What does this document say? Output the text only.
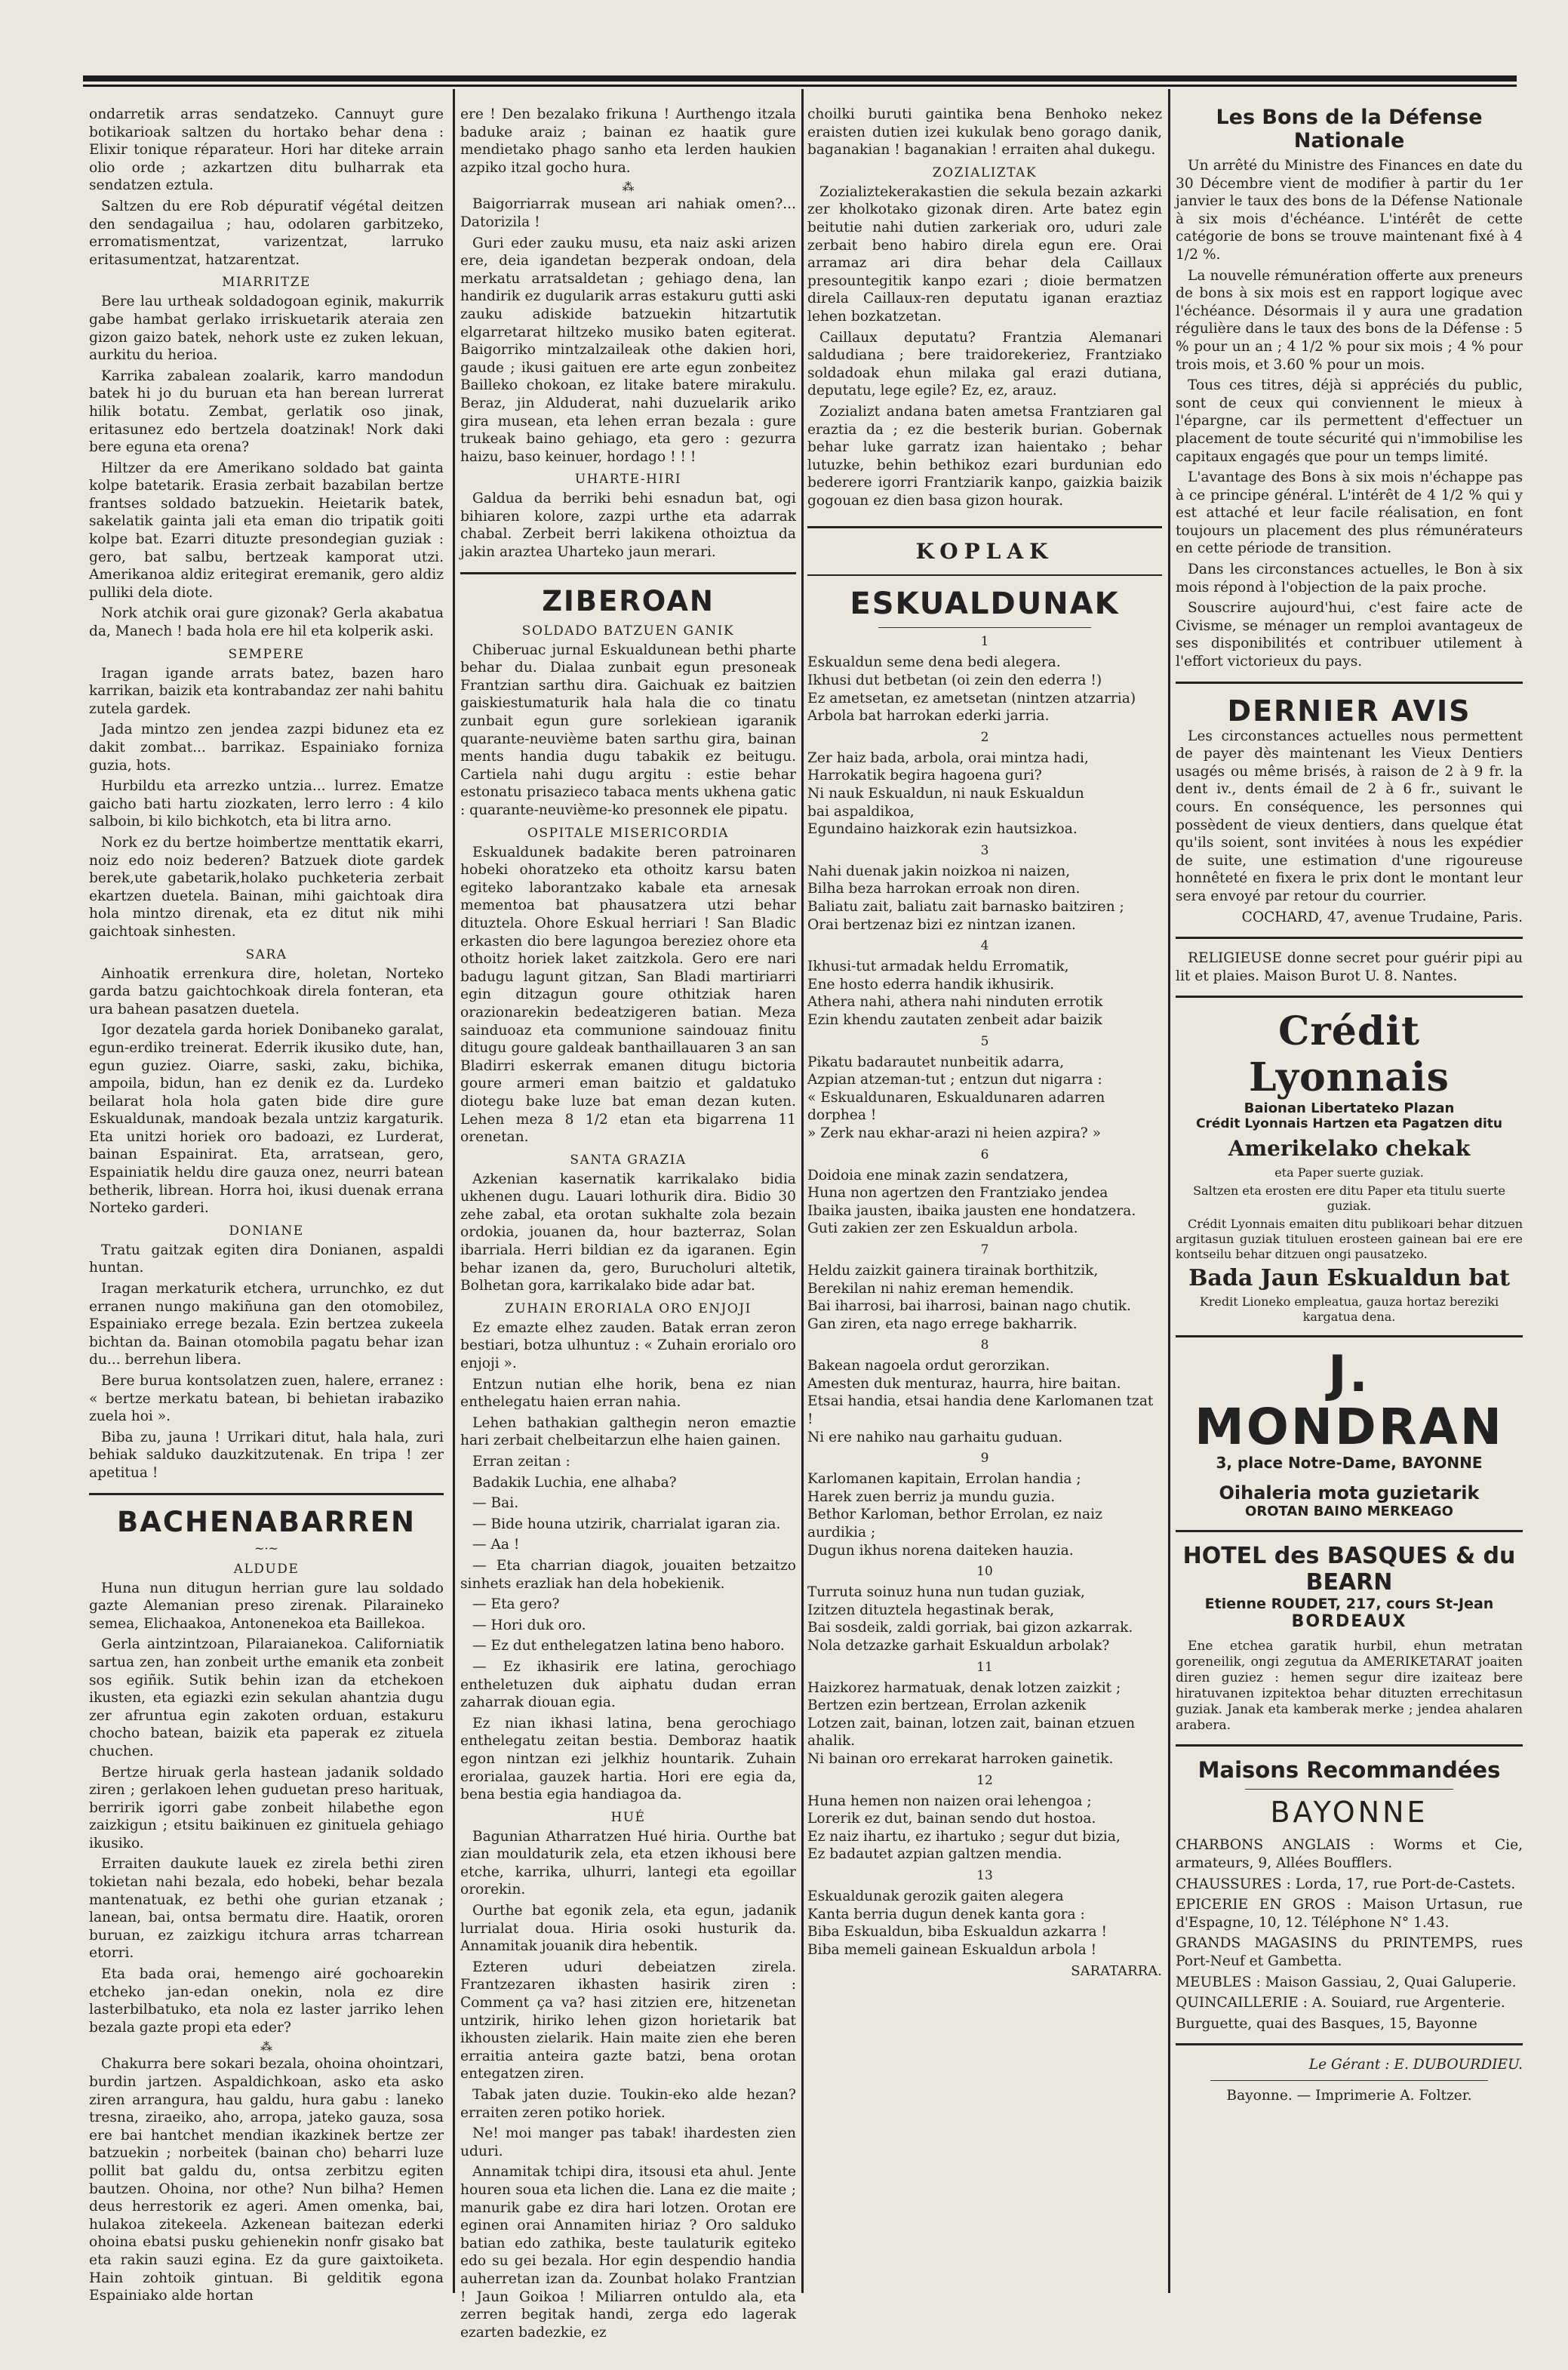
ondarretik arras sendatzeko. Cannuyt gure botikarioak saltzen du hortako behar dena : Elixir tonique réparateur. Hori har diteke arrain olio orde ; azkartzen ditu bulharrak eta sendatzen eztula.

Saltzen du ere Rob dépuratif végétal deitzen den sendagailua ; hau, odolaren garbitzeko, erromatismentzat, varizentzat, larruko eritasumentzat, hatzarentzat.

MIARRITZE

Bere lau urtheak soldadogoan eginik, makurrik gabe hambat gerlako irriskuetarik ateraia zen gizon gaizo batek, nehork uste ez zuken lekuan, aurkitu du herioa.

Karrika zabalean zoalarik, karro mandodun batek hi jo du buruan eta han berean lurrerat hilik botatu. Zembat, gerlatik oso jinak, eritasunez edo bertzela doatzinak! Nork daki bere eguna eta orena?

Hiltzer da ere Amerikano soldado bat gainta kolpe batetarik. Erasia zerbait bazabilan bertze frantses soldado batzuekin. Heietarik batek, sakelatik gainta jali eta eman dio tripatik goiti kolpe bat. Ezarri dituzte presondegian guziak : gero, bat salbu, bertzeak kamporat utzi. Amerikanoa aldiz eritegirat eremanik, gero aldiz pulliki dela diote.

Nork atchik orai gure gizonak? Gerla akabatua da, Manech ! bada hola ere hil eta kolperik aski.

SEMPERE

Iragan igande arrats batez, bazen haro karrikan, baizik eta kontrabandaz zer nahi bahitu zutela gardek.

Jada mintzo zen jendea zazpi bidunez eta ez dakit zombat... barrikaz. Espainiako forniza guzia, hots.

Hurbildu eta arrezko untzia... lurrez. Ematze gaicho bati hartu ziozkaten, lerro lerro : 4 kilo salboin, bi kilo bichkotch, eta bi litra arno.

Nork ez du bertze hoimbertze menttatik ekarri, noiz edo noiz bederen? Batzuek diote gardek berek,ute gabetarik,holako puchketeria zerbait ekartzen duetela. Bainan, mihi gaichtoak dira hola mintzo direnak, eta ez ditut nik mihi gaichtoak sinhesten.

SARA

Ainhoatik errenkura dire, holetan, Norteko garda batzu gaichtochkoak direla fonteran, eta ura bahean pasatzen duetela.

Igor dezatela garda horiek Donibaneko garalat, egun-erdiko treinerat. Ederrik ikusiko dute, han, egun guziez. Oiarre, saski, zaku, bichika, ampoila, bidun, han ez denik ez da. Lurdeko beilarat hola hola gaten bide dire gure Eskualdunak, mandoak bezala untziz kargaturik. Eta unitzi horiek oro badoazi, ez Lurderat, bainan Espainirat. Eta, arratsean, gero, Espainiatik heldu dire gauza onez, neurri batean betherik, librean. Horra hoi, ikusi duenak errana Norteko garderi.

DONIANE

Tratu gaitzak egiten dira Donianen, aspaldi huntan.

Iragan merkaturik etchera, urrunchko, ez dut erranen nungo makiñuna gan den otomobilez, Espainiako errege bezala. Ezin bertzea zukeela bichtan da. Bainan otomobila pagatu behar izan du... berrehun libera.

Bere burua kontsolatzen zuen, halere, erranez : « bertze merkatu batean, bi behietan irabaziko zuela hoi ».

Biba zu, jauna ! Urrikari ditut, hala hala, zuri behiak salduko dauzkitzutenak. En tripa ! zer apetitua !

BACHENABARREN
~·~
ALDUDE

Huna nun ditugun herrian gure lau soldado gazte Alemanian preso zirenak. Pilaraineko semea, Elichaakoa, Antonenekoa eta Baillekoa.

Gerla aintzintzoan, Pilaraianekoa. Californiatik sartua zen, han zonbeit urthe emanik eta zonbeit sos egiñik. Sutik behin izan da etchekoen ikusten, eta egiazki ezin sekulan ahantzia dugu zer afruntua egin zakoten orduan, estakuru chocho batean, baizik eta paperak ez zituela chuchen.

Bertze hiruak gerla hastean jadanik soldado ziren ; gerlakoen lehen guduetan preso harituak, berririk igorri gabe zonbeit hilabethe egon zaizkigun ; etsitu baikinuen ez ginituela gehiago ikusiko.

Erraiten daukute lauek ez zirela bethi ziren tokietan nahi bezala, edo hobeki, behar bezala mantenatuak, ez bethi ohe gurian etzanak ; lanean, bai, ontsa bermatu dire. Haatik, ororen buruan, ez zaizkigu itchura arras tcharrean etorri.

Eta bada orai, hemengo airé gochoarekin etcheko jan-edan onekin, nola ez dire lasterbilbatuko, eta nola ez laster jarriko lehen bezala gazte propi eta eder?

⁂

Chakurra bere sokari bezala, ohoina ohointzari, burdin jartzen. Aspaldichkoan, asko eta asko ziren arrangura, hau galdu, hura gabu : laneko tresna, ziraeiko, aho, arropa, jateko gauza, sosa ere bai hantchet mendian ikazkinek bertze zer batzuekin ; norbeitek (bainan cho) beharri luze pollit bat galdu du, ontsa zerbitzu egiten bautzen. Ohoina, nor othe? Nun bilha? Hemen deus herrestorik ez ageri. Amen omenka, bai, hulakoa zitekeela. Azkenean baitezan ederki ohoina ebatsi pusku gehienekin nonfr gisako bat eta rakin sauzi egina. Ez da gure gaixtoiketa. Hain zohtoik gintuan. Bi gelditik egona Espainiako alde hortan

ere ! Den bezalako frikuna ! Aurthengo itzala baduke araiz ; bainan ez haatik gure mendietako phago sanho eta lerden haukien azpiko itzal gocho hura.

⁂

Baigorriarrak musean ari nahiak omen?... Datorizila !

Guri eder zauku musu, eta naiz aski arizen ere, deia igandetan bezperak ondoan, dela merkatu arratsaldetan ; gehiago dena, lan handirik ez dugularik arras estakuru gutti aski zauku adiskide batzuekin hitzartutik elgarretarat hiltzeko musiko baten egiterat. Baigorriko mintzalzaileak othe dakien hori, gaude ; ikusi gaituen ere arte egun zonbeitez Bailleko chokoan, ez litake batere mirakulu. Beraz, jin Alduderat, nahi duzuelarik ariko gira musean, eta lehen erran bezala : gure trukeak baino gehiago, eta gero : gezurra haizu, baso keinuer, hordago ! ! !

UHARTE-HIRI

Galdua da berriki behi esnadun bat, ogi bihiaren kolore, zazpi urthe eta adarrak chabal. Zerbeit berri lakikena othoiztua da jakin araztea Uharteko jaun merari.

ZIBEROAN
SOLDADO BATZUEN GANIK

Chiberuac jurnal Eskualdunean bethi pharte behar du. Dialaa zunbait egun presoneak Frantzian sarthu dira. Gaichuak ez baitzien gaiskiestumaturik hala hala die co tinatu zunbait egun gure sorlekiean igaranik quarante-neuvième baten sarthu gira, bainan ments handia dugu tabakik ez beitugu. Cartiela nahi dugu argitu : estie behar estonatu prisazieco tabaca ments ukhena gatic : quarante-neuvième-ko presonnek ele pipatu.

OSPITALE MISERICORDIA

Eskualdunek badakite beren patroinaren hobeki ohoratzeko eta othoitz karsu baten egiteko laborantzako kabale eta arnesak mementoa bat phausatzera utzi behar dituztela. Ohore Eskual herriari ! San Bladic erkasten dio bere lagungoa bereziez ohore eta othoitz horiek laket zaitzkola. Gero ere nari badugu lagunt gitzan, San Bladi martiriarri egin ditzagun goure othitziak haren orazionarekin bedeatzigeren batian. Meza sainduoaz eta communione saindouaz finitu ditugu goure galdeak banthaillauaren 3 an san Bladirri eskerrak emanen ditugu bictoria goure armeri eman baitzio et galdatuko diotegu bake luze bat eman dezan kuten. Lehen meza 8 1/2 etan eta bigarrena 11 orenetan.

SANTA GRAZIA

Azkenian kasernatik karrikalako bidia ukhenen dugu. Lauari lothurik dira. Bidio 30 zehe zabal, eta orotan sukhalte zola bezain ordokia, jouanen da, hour bazterraz, Solan ibarriala. Herri bildian ez da igaranen. Egin behar izanen da, gero, Burucholuri altetik, Bolhetan gora, karrikalako bide adar bat.

ZUHAIN ERORIALA ORO ENJOJI

Ez emazte elhez zauden. Batak erran zeron bestiari, botza ulhuntuz : « Zuhain erorialo oro enjoji ».

Entzun nutian elhe horik, bena ez nian enthelegatu haien erran nahia.

Lehen bathakian galthegin neron emaztie hari zerbait chelbeitarzun elhe haien gainen.

Erran zeitan :

Badakik Luchia, ene alhaba?

— Bai.

— Bide houna utzirik, charrialat igaran zia.

— Aa !

— Eta charrian diagok, jouaiten betzaitzo sinhets erazliak han dela hobekienik.

— Eta gero?

— Hori duk oro.

— Ez dut enthelegatzen latina beno haboro.

— Ez ikhasirik ere latina, gerochiago entheletuzen duk aiphatu dudan erran zaharrak diouan egia.

Ez nian ikhasi latina, bena gerochiago enthelegatu zeitan bestia. Demboraz haatik egon nintzan ezi jelkhiz hountarik. Zuhain erorialaa, gauzek hartia. Hori ere egia da, bena bestia egia handiagoa da.

HUÉ

Bagunian Atharratzen Hué hiria. Ourthe bat zian mouldaturik zela, eta etzen ikhousi bere etche, karrika, ulhurri, lantegi eta egoillar ororekin.

Ourthe bat egonik zela, eta egun, jadanik lurrialat doua. Hiria osoki husturik da. Annamitak jouanik dira hebentik.

Ezteren uduri debeiatzen zirela. Frantzezaren ikhasten hasirik ziren : Comment ça va? hasi zitzien ere, hitzenetan untzirik, hiriko lehen gizon horietarik bat ikhousten zielarik. Hain maite zien ehe beren erraitia anteira gazte batzi, bena orotan entegatzen ziren.

Tabak jaten duzie. Toukin-eko alde hezan? erraiten zeren potiko horiek.

Ne! moi manger pas tabak! ihardesten zien uduri.

Annamitak tchipi dira, itsousi eta ahul. Jente houren soua eta lichen die. Lana ez die maite ; manurik gabe ez dira hari lotzen. Orotan ere eginen orai Annamiten hiriaz ? Oro salduko batian edo zathika, beste taulaturik egiteko edo su gei bezala. Hor egin despendio handia auherretan izan da. Zounbat holako Frantzian ! Jaun Goikoa ! Miliarren ontuldo ala, eta zerren begitak handi, zerga edo lagerak ezarten badezkie, ez

choilki buruti gaintika bena Benhoko nekez eraisten dutien izei kukulak beno gorago danik, baganakian ! baganakian ! erraiten ahal dukegu.

ZOZIALIZTAK

Zozializtekerakastien die sekula bezain azkarki zer kholkotako gizonak diren. Arte batez egin beitutie nahi dutien zarkeriak oro, uduri zale zerbait beno habiro direla egun ere. Orai arramaz ari dira behar dela Caillaux presountegitik kanpo ezari ; dioie bermatzen direla Caillaux-ren deputatu iganan eraztiaz lehen bozkatzetan.

Caillaux deputatu? Frantzia Alemanari saldudiana ; bere traidorekeriez, Frantziako soldadoak ehun milaka gal erazi dutiana, deputatu, lege egile? Ez, ez, arauz.

Zozializt andana baten ametsa Frantziaren gal eraztia da ; ez die besterik burian. Gobernak behar luke garratz izan haientako ; behar lutuzke, behin bethikoz ezari burdunian edo bederere igorri Frantziarik kanpo, gaizkia baizik gogouan ez dien basa gizon hourak.

KOPLAK
ESKUALDUNAK
1
Eskualdun seme dena bedi alegera.
Ikhusi dut betbetan (oi zein den ederra !)
Ez ametsetan, ez ametsetan (nintzen atzarria)
Arbola bat harrokan ederki jarria.
2
Zer haiz bada, arbola, orai mintza hadi,
Harrokatik begira hagoena guri?
Ni nauk Eskualdun, ni nauk Eskualdun
bai aspaldikoa,
Egundaino haizkorak ezin hautsizkoa.
3
Nahi duenak jakin noizkoa ni naizen,
Bilha beza harrokan erroak non diren.
Baliatu zait, baliatu zait barnasko baitziren ;
Orai bertzenaz bizi ez nintzan izanen.
4
Ikhusi-tut armadak heldu Erromatik,
Ene hosto ederra handik ikhusirik.
Athera nahi, athera nahi ninduten errotik
Ezin khendu zautaten zenbeit adar baizik
5
Pikatu badarautet nunbeitik adarra,
Azpian atzeman-tut ; entzun dut nigarra :
« Eskualdunaren, Eskualdunaren adarren dorphea !
» Zerk nau ekhar-arazi ni heien azpira? »
6
Doidoia ene minak zazin sendatzera,
Huna non agertzen den Frantziako jendea
Ibaika jausten, ibaika jausten ene hondatzera.
Guti zakien zer zen Eskualdun arbola.
7
Heldu zaizkit gainera tirainak borthitzik,
Berekilan ni nahiz ereman hemendik.
Bai iharrosi, bai iharrosi, bainan nago chutik.
Gan ziren, eta nago errege bakharrik.
8
Bakean nagoela ordut gerorzikan.
Amesten duk menturaz, haurra, hire baitan.
Etsai handia, etsai handia dene Karlomanen tzat !
Ni ere nahiko nau garhaitu guduan.
9
Karlomanen kapitain, Errolan handia ;
Harek zuen berriz ja mundu guzia.
Bethor Karloman, bethor Errolan, ez naiz aurdikia ;
Dugun ikhus norena daiteken hauzia.
10
Turruta soinuz huna nun tudan guziak,
Izitzen dituztela hegastinak berak,
Bai sosdeik, zaldi gorriak, bai gizon azkarrak.
Nola detzazke garhait Eskualdun arbolak?
11
Haizkorez harmatuak, denak lotzen zaizkit ;
Bertzen ezin bertzean, Errolan azkenik
Lotzen zait, bainan, lotzen zait, bainan etzuen ahalik.
Ni bainan oro errekarat harroken gainetik.
12
Huna hemen non naizen orai lehengoa ;
Lorerik ez dut, bainan sendo dut hostoa.
Ez naiz ihartu, ez ihartuko ; segur dut bizia,
Ez badautet azpian galtzen mendia.
13
Eskualdunak gerozik gaiten alegera
Kanta berria dugun denek kanta gora :
Biba Eskualdun, biba Eskualdun azkarra !
Biba memeli gainean Eskualdun arbola !
SARATARRA.
Les Bons de la Défense Nationale

Un arrêté du Ministre des Finances en date du 30 Décembre vient de modifier à partir du 1er janvier le taux des bons de la Défense Nationale à six mois d'échéance. L'intérêt de cette catégorie de bons se trouve maintenant fixé à 4 1/2 %.

La nouvelle rémunération offerte aux preneurs de bons à six mois est en rapport logique avec l'échéance. Désormais il y aura une gradation régulière dans le taux des bons de la Défense : 5 % pour un an ; 4 1/2 % pour six mois ; 4 % pour trois mois, et 3.60 % pour un mois.

Tous ces titres, déjà si appréciés du public, sont de ceux qui conviennent le mieux à l'épargne, car ils permettent d'effectuer un placement de toute sécurité qui n'immobilise les capitaux engagés que pour un temps limité.

L'avantage des Bons à six mois n'échappe pas à ce principe général. L'intérêt de 4 1/2 % qui y est attaché et leur facile réalisation, en font toujours un placement des plus rémunérateurs en cette période de transition.

Dans les circonstances actuelles, le Bon à six mois répond à l'objection de la paix proche.

Souscrire aujourd'hui, c'est faire acte de Civisme, se ménager un remploi avantageux de ses disponibilités et contribuer utilement à l'effort victorieux du pays.

DERNIER AVIS

Les circonstances actuelles nous permettent de payer dès maintenant les Vieux Dentiers usagés ou même brisés, à raison de 2 à 9 fr. la dent iv., dents émail de 2 à 6 fr., suivant le cours. En conséquence, les personnes qui possèdent de vieux dentiers, dans quelque état qu'ils soient, sont invitées à nous les expédier de suite, une estimation d'une rigoureuse honnêteté en fixera le prix dont le montant leur sera envoyé par retour du courrier.

COCHARD, 47, avenue Trudaine, Paris.

RELIGIEUSE donne secret pour guérir pipi au lit et plaies. Maison Burot U. 8. Nantes.

Crédit Lyonnais
Baionan Libertateko Plazan
Crédit Lyonnais Hartzen eta Pagatzen ditu
Amerikelako chekak

eta Paper suerte guziak.

Saltzen eta erosten ere ditu Paper eta titulu suerte guziak.

Crédit Lyonnais emaiten ditu publikoari behar ditzuen argitasun guziak tituluen erosteen gainean bai ere ere kontseilu behar ditzuen ongi pausatzeko.

Bada Jaun Eskualdun bat

Kredit Lioneko empleatua, gauza hortaz bereziki kargatua dena.

J. MONDRAN
3, place Notre-Dame, BAYONNE
Oihaleria mota guzietarik
OROTAN BAINO MERKEAGO
HOTEL des BASQUES & du BEARN
Etienne ROUDET, 217, cours St-Jean
BORDEAUX

Ene etchea garatik hurbil, ehun metratan goreneilik, ongi zegutua da AMERIKETARAT joaiten diren guziez : hemen segur dire izaiteaz bere hiratuvanen izpitektoa behar dituzten errechitasun guziak. Janak eta kamberak merke ; jendea ahalaren arabera.

Maisons Recommandées
BAYONNE

CHARBONS ANGLAIS : Worms et Cie, armateurs, 9, Allées Boufflers.

CHAUSSURES : Lorda, 17, rue Port-de-Castets.

EPICERIE EN GROS : Maison Urtasun, rue d'Espagne, 10, 12. Téléphone N° 1.43.

GRANDS MAGASINS du PRINTEMPS, rues Port-Neuf et Gambetta.

MEUBLES : Maison Gassiau, 2, Quai Galuperie.

QUINCAILLERIE : A. Souiard, rue Argenterie.

Burguette, quai des Basques, 15, Bayonne

Le Gérant : E. DUBOURDIEU.

Bayonne. — Imprimerie A. Foltzer.
